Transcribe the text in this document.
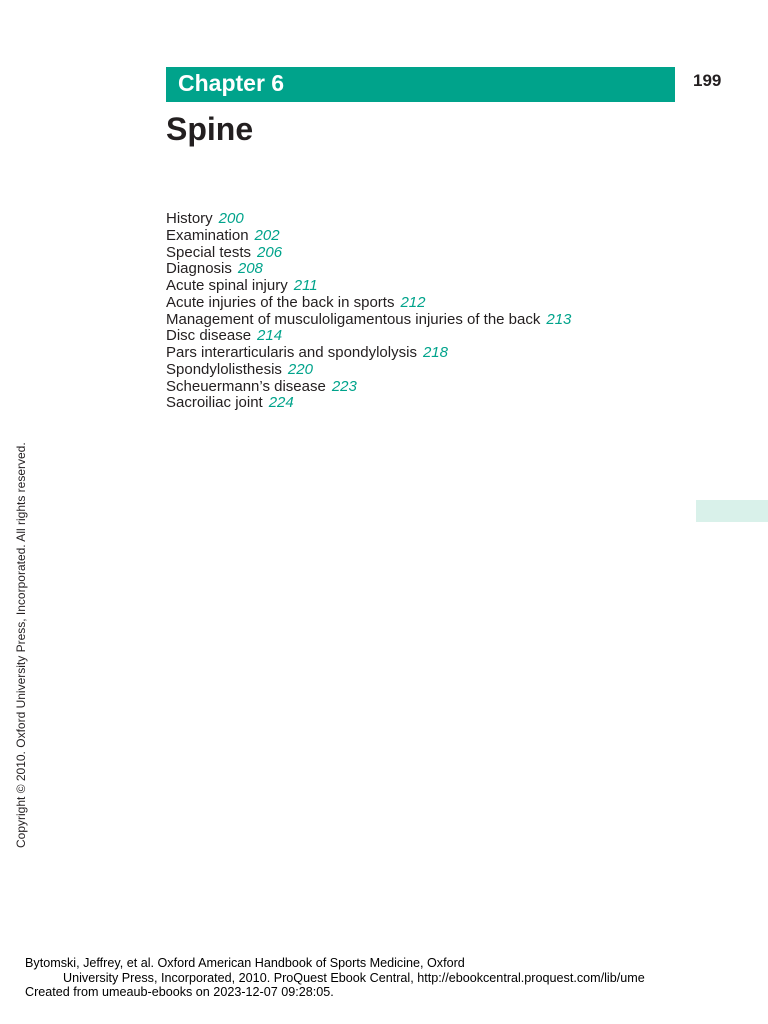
Chapter 6	199
Spine
History 200
Examination 202
Special tests 206
Diagnosis 208
Acute spinal injury 211
Acute injuries of the back in sports 212
Management of musculoligamentous injuries of the back 213
Disc disease 214
Pars interarticularis and spondylolysis 218
Spondylolisthesis 220
Scheuermann’s disease 223
Sacroiliac joint 224
Copyright © 2010. Oxford University Press, Incorporated. All rights reserved.
Bytomski, Jeffrey, et al. Oxford American Handbook of Sports Medicine, Oxford
University Press, Incorporated, 2010. ProQuest Ebook Central, http://ebookcentral.proquest.com/lib/ume
Created from umeaub-ebooks on 2023-12-07 09:28:05.
